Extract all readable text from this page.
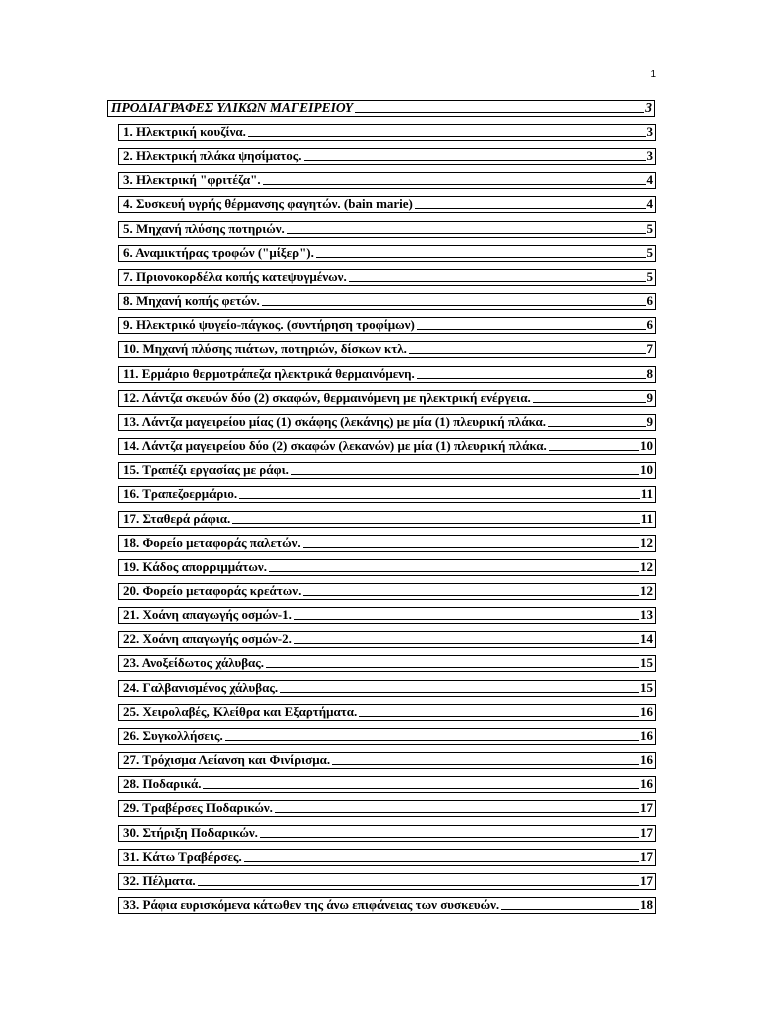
1
ΠΡΟΔΙΑΓΡΑΦΕΣ ΥΛΙΚΩΝ ΜΑΓΕΙΡΕΙΟΥ	3
1. Ηλεκτρική κουζίνα.	3
2. Ηλεκτρική πλάκα ψησίματος.	3
3. Ηλεκτρική "φριτέζα".	4
4. Συσκευή υγρής θέρμανσης φαγητών. (bain marie)	4
5. Μηχανή πλύσης ποτηριών.	5
6. Αναμικτήρας τροφών ("μίξερ").	5
7. Πριονοκορδέλα κοπής κατεψυγμένων.	5
8. Μηχανή κοπής φετών.	6
9. Ηλεκτρικό ψυγείο-πάγκος. (συντήρηση τροφίμων)	6
10. Μηχανή πλύσης πιάτων, ποτηριών, δίσκων κτλ.	7
11. Ερμάριο θερμοτράπεζα ηλεκτρικά θερμαινόμενη.	8
12. Λάντζα σκευών δύο (2) σκαφών, θερμαινόμενη με ηλεκτρική ενέργεια.	9
13. Λάντζα μαγειρείου μίας (1) σκάφης (λεκάνης) με μία (1) πλευρική πλάκα.	9
14. Λάντζα μαγειρείου δύο (2) σκαφών (λεκανών) με μία (1) πλευρική πλάκα.	10
15. Τραπέζι εργασίας με ράφι.	10
16. Τραπεζοερμάριο.	11
17. Σταθερά ράφια.	11
18. Φορείο μεταφοράς παλετών.	12
19. Κάδος απορριμμάτων.	12
20. Φορείο μεταφοράς κρεάτων.	12
21. Χοάνη απαγωγής οσμών-1.	13
22. Χοάνη απαγωγής οσμών-2.	14
23. Ανοξείδωτος χάλυβας.	15
24. Γαλβανισμένος χάλυβας.	15
25. Χειρολαβές, Κλείθρα και Εξαρτήματα.	16
26. Συγκολλήσεις.	16
27. Τρόχισμα Λείανση και Φινίρισμα.	16
28. Ποδαρικά.	16
29. Τραβέρσες Ποδαρικών.	17
30. Στήριξη Ποδαρικών.	17
31. Κάτω Τραβέρσες.	17
32. Πέλματα.	17
33. Ράφια ευρισκόμενα κάτωθεν της άνω επιφάνειας των συσκευών.	18
